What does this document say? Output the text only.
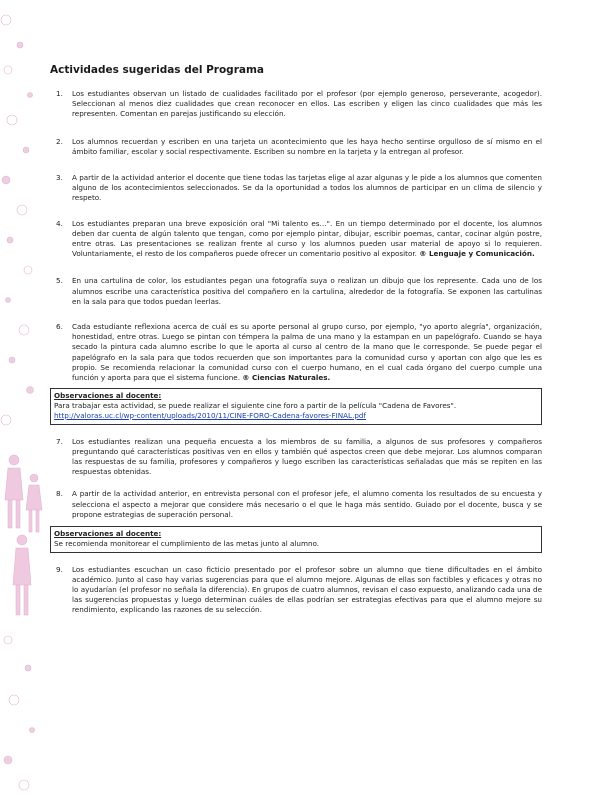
Actividades sugeridas del Programa
1.	Los estudiantes observan un listado de cualidades facilitado por el profesor (por ejemplo generoso, perseverante, acogedor). Seleccionan al menos diez cualidades que crean reconocer en ellos. Las escriben y eligen las cinco cualidades que más les representen. Comentan en parejas justificando su elección.
2.	Los alumnos recuerdan y escriben en una tarjeta un acontecimiento que les haya hecho sentirse orgulloso de sí mismo en el ámbito familiar, escolar y social respectivamente. Escriben su nombre en la tarjeta y la entregan al profesor.
3.	A partir de la actividad anterior el docente que tiene todas las tarjetas elige al azar algunas y le pide a los alumnos que comenten alguno de los acontecimientos seleccionados. Se da la oportunidad a todos los alumnos de participar en un clima de silencio y respeto.
4.	Los estudiantes preparan una breve exposición oral "Mi talento es…". En un tiempo determinado por el docente, los alumnos deben dar cuenta de algún talento que tengan, como por ejemplo pintar, dibujar, escribir poemas, cantar, cocinar algún postre, entre otras. Las presentaciones se realizan frente al curso y los alumnos pueden usar material de apoyo si lo requieren. Voluntariamente, el resto de los compañeros puede ofrecer un comentario positivo al expositor. ® Lenguaje y Comunicación.
5.	En una cartulina de color, los estudiantes pegan una fotografía suya o realizan un dibujo que los represente. Cada uno de los alumnos escribe una característica positiva del compañero en la cartulina, alrededor de la fotografía. Se exponen las cartulinas en la sala para que todos puedan leerlas.
6.	Cada estudiante reflexiona acerca de cuál es su aporte personal al grupo curso, por ejemplo, "yo aporto alegría", organización, honestidad, entre otras. Luego se pintan con témpera la palma de una mano y la estampan en un papelógrafo. Cuando se haya secado la pintura cada alumno escribe lo que le aporta al curso al centro de la mano que le corresponde. Se puede pegar el papelógrafo en la sala para que todos recuerden que son importantes para la comunidad curso y aportan con algo que les es propio. Se recomienda relacionar la comunidad curso con el cuerpo humano, en el cual cada órgano del cuerpo cumple una función y aporta para que el sistema funcione. ® Ciencias Naturales.
Observaciones al docente:
Para trabajar esta actividad, se puede realizar el siguiente cine foro a partir de la película "Cadena de Favores".
http://valoras.uc.cl/wp-content/uploads/2010/11/CINE-FORO-Cadena-favores-FINAL.pdf
7.	Los estudiantes realizan una pequeña encuesta a los miembros de su familia, a algunos de sus profesores y compañeros preguntando qué características positivas ven en ellos y también qué aspectos creen que debe mejorar. Los alumnos comparan las respuestas de su familia, profesores y compañeros y luego escriben las características señaladas que más se repiten en las respuestas obtenidas.
8.	A partir de la actividad anterior, en entrevista personal con el profesor jefe, el alumno comenta los resultados de su encuesta y selecciona el aspecto a mejorar que considere más necesario o el que le haga más sentido. Guiado por el docente, busca y se propone estrategias de superación personal.
Observaciones al docente:
Se recomienda monitorear el cumplimiento de las metas junto al alumno.
9.	Los estudiantes escuchan un caso ficticio presentado por el profesor sobre un alumno que tiene dificultades en el ámbito académico. Junto al caso hay varias sugerencias para que el alumno mejore. Algunas de ellas son factibles y eficaces y otras no lo ayudarían (el profesor no señala la diferencia). En grupos de cuatro alumnos, revisan el caso expuesto, analizando cada una de las sugerencias propuestas y luego determinan cuáles de ellas podrían ser estrategias efectivas para que el alumno mejore su rendimiento, explicando las razones de su selección.
